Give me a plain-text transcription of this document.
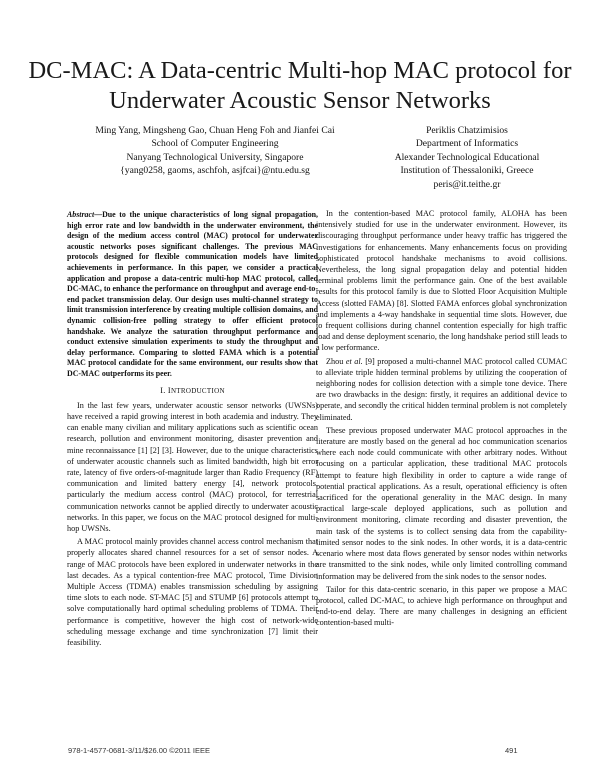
DC-MAC: A Data-centric Multi-hop MAC protocol for Underwater Acoustic Sensor Networks
Ming Yang, Mingsheng Gao, Chuan Heng Foh and Jianfei Cai
School of Computer Engineering
Nanyang Technological University, Singapore
{yang0258, gaoms, aschfoh, asjfcai}@ntu.edu.sg
Periklis Chatzimisios
Department of Informatics
Alexander Technological Educational
Institution of Thessaloniki, Greece
peris@it.teithe.gr

Abstract—Due to the unique characteristics of long signal propagation, high error rate and low bandwidth in the underwater environment, the design of the medium access control (MAC) protocol for underwater acoustic networks poses significant challenges. The previous MAC protocols designed for flexible communication models have limited achievements in performance. In this paper, we consider a practical application and propose a data-centric multi-hop MAC protocol, called DC-MAC, to enhance the performance on throughput and average end-to-end packet transmission delay. Our design uses multi-channel strategy to limit transmission interference by creating multiple collision domains, and dynamic collision-free polling strategy to offer efficient protocol handshake. We analyze the saturation throughput performance and conduct extensive simulation experiments to study the throughput and delay performance. Comparing to slotted FAMA which is a potential MAC protocol candidate for the same environment, our results show that DC-MAC outperforms its peer.

I. INTRODUCTION

In the last few years, underwater acoustic sensor networks (UWSNs) have received a rapid growing interest in both academia and industry. They can enable many civilian and military applications such as scientific ocean research, pollution and environment monitoring, disaster prevention and mine reconnaissance [1] [2] [3]. However, due to the unique characteristics of underwater acoustic channels such as limited bandwidth, high bit error rate, latency of five orders-of-magnitude larger than Radio Frequency (RF) communication and limited battery energy [4], network protocols, particularly the medium access control (MAC) protocol, for terrestrial communication networks cannot be applied directly to underwater acoustic networks. In this paper, we focus on the MAC protocol designed for multi-hop UWSNs.

A MAC protocol mainly provides channel access control mechanism that properly allocates shared channel resources for a set of sensor nodes. A range of MAC protocols have been explored in underwater networks in the last decades. As a typical contention-free MAC protocol, Time Division Multiple Access (TDMA) enables transmission scheduling by assigning time slots to each node. ST-MAC [5] and STUMP [6] protocols attempt to solve computationally hard optimal scheduling problems of TDMA. Their performance is competitive, however the high cost of network-wide scheduling message exchange and time synchronization [7] limit their feasibility.

In the contention-based MAC protocol family, ALOHA has been intensively studied for use in the underwater environment. However, its discouraging throughput performance under heavy traffic has triggered the investigations for enhancements. Many enhancements focus on providing sophisticated protocol handshake mechanisms to avoid collisions. Nevertheless, the long signal propagation delay and potential hidden terminal problems limit the performance gain. One of the best available results for this protocol family is due to Slotted Floor Acquisition Multiple Access (slotted FAMA) [8]. Slotted FAMA enforces global synchronization and implements a 4-way handshake in sequential time slots. However, due to frequent collisions during channel contention especially for high traffic load and dense deployment scenario, the long handshake period still leads to a low performance.

Zhou et al. [9] proposed a multi-channel MAC protocol called CUMAC to alleviate triple hidden terminal problems by utilizing the cooperation of neighboring nodes for collision detection with a simple tone device. There are two drawbacks in the design: firstly, it requires an additional device to operate, and secondly the critical hidden terminal problem is not completely eliminated.

These previous proposed underwater MAC protocol approaches in the literature are mostly based on the general ad hoc communication scenarios where each node could communicate with other arbitrary nodes. Without focusing on a particular application, these traditional MAC protocols attempt to feature high flexibility in order to capture a wide range of potential practical applications. As a result, operational efficiency is often sacrificed for the operational generality in the MAC design. In many practical large-scale deployed applications, such as pollution and environment monitoring, climate recording and disaster prevention, the main task of the systems is to collect sensing data from the capability-limited sensor nodes to the sink nodes. In other words, it is a data-centric scenario where most data flows generated by sensor nodes within networks are transmitted to the sink nodes, while only limited controlling command information may be delivered from the sink nodes to the sensor nodes.

Tailor for this data-centric scenario, in this paper we propose a MAC protocol, called DC-MAC, to achieve high performance on throughput and end-to-end delay. There are many challenges in designing an efficient contention-based multi-

978-1-4577-0681-3/11/$26.00 ©2011 IEEE	491
